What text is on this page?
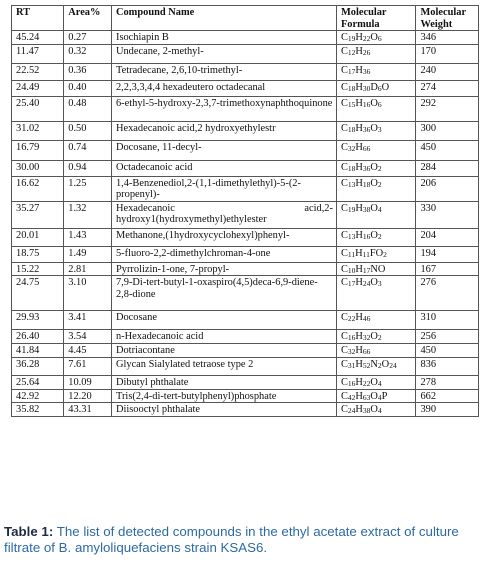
RT	Area%	Compound Name	Molecular Formula	Molecular Weight
45.24	0.27	Isochiapin B	$C_{19}H_{22}O_6$	346
11.47	0.32	Undecane, 2-methyl-	$C_{12}H_{26}$	170
22.52	0.36	Tetradecane, 2,6,10-trimethyl-	$C_{17}H_{36}$	240
24.49	0.40	2,2,3,3,4,4 hexadeutero octadecanal	$C_{18}H_{30}D_6O$	274
25.40	0.48	6-ethyl-5-hydroxy-2,3,7-trimethoxynaphthoquinone	$C_{15}H_{16}O_6$	292
31.02	0.50	Hexadecanoic acid,2 hydroxyethylestr	$C_{18}H_{36}O_3$	300
16.79	0.74	Docosane, 11-decyl-	$C_{32}H_{66}$	450
30.00	0.94	Octadecanoic acid	$C_{18}H_{36}O_2$	284
16.62	1.25	1,4-Benzenediol,2-(1,1-dimethylethyl)-5-(2-propenyl)-	$C_{13}H_{18}O_2$	206
35.27	1.32	Hexadecanoic acid,2-hydroxy1(hydroxymethyl)ethylester	$C_{19}H_{38}O_4$	330
20.01	1.43	Methanone,(1hydroxycyclohexyl)phenyl-	$C_{13}H_{16}O_2$	204
18.75	1.49	5-fluoro-2,2-dimethylchroman-4-one	$C_{11}H_{11}FO_2$	194
15.22	2.81	Pyrrolizin-1-one, 7-propyl-	$C_{10}H_{17}NO$	167
24.75	3.10	7,9-Di-tert-butyl-1-oxaspiro(4,5)deca-6,9-diene-2,8-dione	$C_{17}H_{24}O_3$	276
29.93	3.41	Docosane	$C_{22}H_{46}$	310
26.40	3.54	n-Hexadecanoic acid	$C_{16}H_{32}O_2$	256
41.84	4.45	Dotriacontane	$C_{32}H_{66}$	450
36.28	7.61	Glycan Sialylated tetraose type 2	$C_{31}H_{52}N_2O_{24}$	836
25.64	10.09	Dibutyl phthalate	$C_{16}H_{22}O_4$	278
42.92	12.20	Tris(2,4-di-tert-butylphenyl)phosphate	$C_{42}H_{63}O_4P$	662
35.82	43.31	Diisooctyl phthalate	$C_{24}H_{38}O_4$	390
Table 1: The list of detected compounds in the ethyl acetate extract of culture filtrate of B. amyloliquefaciens strain KSAS6.
